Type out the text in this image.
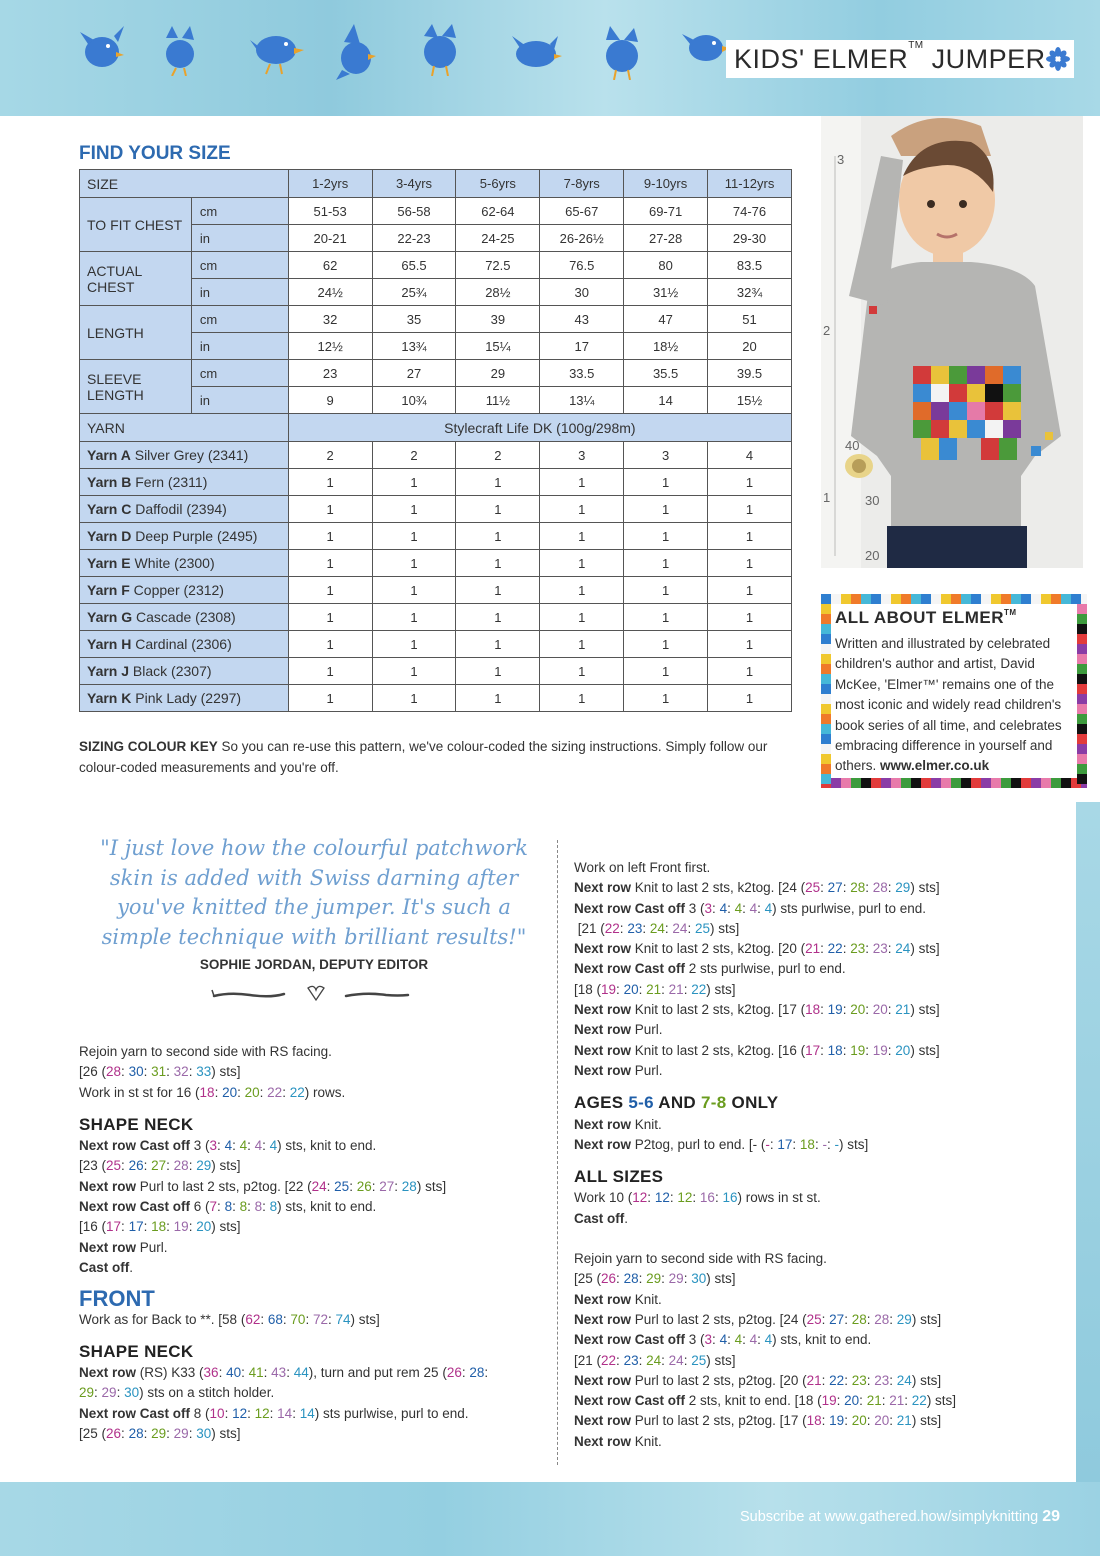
KIDS' ELMER™ JUMPER
FIND YOUR SIZE
SIZE		1-2yrs	3-4yrs	5-6yrs	7-8yrs	9-10yrs	11-12yrs
TO FIT CHEST	cm	51-53	56-58	62-64	65-67	69-71	74-76
	in	20-21	22-23	24-25	26-26½	27-28	29-30
ACTUAL CHEST	cm	62	65.5	72.5	76.5	80	83.5
	in	24½	25¾	28½	30	31½	32¾
LENGTH	cm	32	35	39	43	47	51
	in	12½	13¾	15¼	17	18½	20
SLEEVE LENGTH	cm	23	27	29	33.5	35.5	39.5
	in	9	10¾	11½	13¼	14	15½
YARN		Stylecraft Life DK (100g/298m)					
Yarn A Silver Grey (2341)		2	2	2	3	3	4
Yarn B Fern (2311)		1	1	1	1	1	1
Yarn C Daffodil (2394)		1	1	1	1	1	1
Yarn D Deep Purple (2495)		1	1	1	1	1	1
Yarn E White (2300)		1	1	1	1	1	1
Yarn F Copper (2312)		1	1	1	1	1	1
Yarn G Cascade (2308)		1	1	1	1	1	1
Yarn H Cardinal (2306)		1	1	1	1	1	1
Yarn J Black (2307)		1	1	1	1	1	1
Yarn K Pink Lady (2297)		1	1	1	1	1	1
SIZING COLOUR KEY So you can re-use this pattern, we've colour-coded the sizing instructions. Simply follow our colour-coded measurements and you're off.
3
2
1
40
30
20
ALL ABOUT ELMER™
Written and illustrated by celebrated children's author and artist, David McKee, 'Elmer™' remains one of the most iconic and widely read children's book series of all time, and celebrates embracing difference in yourself and others. www.elmer.co.uk
"I just love how the colourful patchwork skin is added with Swiss darning after you've knitted the jumper. It's such a simple technique with brilliant results!"
SOPHIE JORDAN, DEPUTY EDITOR

Rejoin yarn to second side with RS facing.

[26 (28: 30: 31: 32: 33) sts]

Work in st st for 16 (18: 20: 20: 22: 22) rows.

SHAPE NECK

Next row Cast off 3 (3: 4: 4: 4: 4) sts, knit to end.

[23 (25: 26: 27: 28: 29) sts]

Next row Purl to last 2 sts, p2tog. [22 (24: 25: 26: 27: 28) sts]

Next row Cast off 6 (7: 8: 8: 8: 8) sts, knit to end.

[16 (17: 17: 18: 19: 20) sts]

Next row Purl.

Cast off.

FRONT

Work as for Back to **. [58 (62: 68: 70: 72: 74) sts]

SHAPE NECK

Next row (RS) K33 (36: 40: 41: 43: 44), turn and put rem 25 (26: 28:

29: 29: 30) sts on a stitch holder.

Next row Cast off 8 (10: 12: 12: 14: 14) sts purlwise, purl to end.

[25 (26: 28: 29: 29: 30) sts]

Work on left Front first.

Next row Knit to last 2 sts, k2tog. [24 (25: 27: 28: 28: 29) sts]

Next row Cast off 3 (3: 4: 4: 4: 4) sts purlwise, purl to end.

[21 (22: 23: 24: 24: 25) sts]

Next row Knit to last 2 sts, k2tog. [20 (21: 22: 23: 23: 24) sts]

Next row Cast off 2 sts purlwise, purl to end.

[18 (19: 20: 21: 21: 22) sts]

Next row Knit to last 2 sts, k2tog. [17 (18: 19: 20: 20: 21) sts]

Next row Purl.

Next row Knit to last 2 sts, k2tog. [16 (17: 18: 19: 19: 20) sts]

Next row Purl.

AGES 5-6 AND 7-8 ONLY

Next row Knit.

Next row P2tog, purl to end. [- (-: 17: 18: -: -) sts]

ALL SIZES

Work 10 (12: 12: 12: 16: 16) rows in st st.

Cast off.

Rejoin yarn to second side with RS facing.

[25 (26: 28: 29: 29: 30) sts]

Next row Knit.

Next row Purl to last 2 sts, p2tog. [24 (25: 27: 28: 28: 29) sts]

Next row Cast off 3 (3: 4: 4: 4: 4) sts, knit to end.

[21 (22: 23: 24: 24: 25) sts]

Next row Purl to last 2 sts, p2tog. [20 (21: 22: 23: 23: 24) sts]

Next row Cast off 2 sts, knit to end. [18 (19: 20: 21: 21: 22) sts]

Next row Purl to last 2 sts, p2tog. [17 (18: 19: 20: 20: 21) sts]

Next row Knit.

Subscribe at www.gathered.how/simplyknitting 29
